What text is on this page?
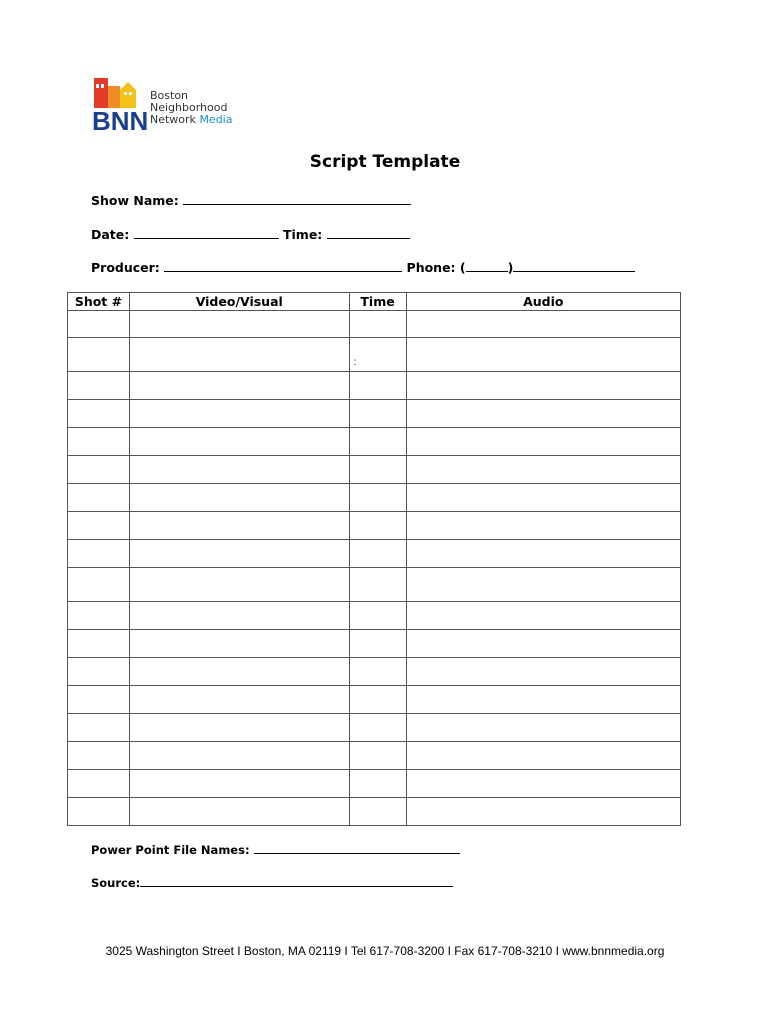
BNN
Boston
Neighborhood
Network Media
Script Template
Show Name:
Date:	Time:
Producer:	Phone: (	)
Shot #	Video/Visual	Time	Audio

		:	

Power Point File Names:
Source:
3025 Washington Street I Boston, MA 02119 I Tel 617-708-3200 I Fax 617-708-3210 I www.bnnmedia.org
